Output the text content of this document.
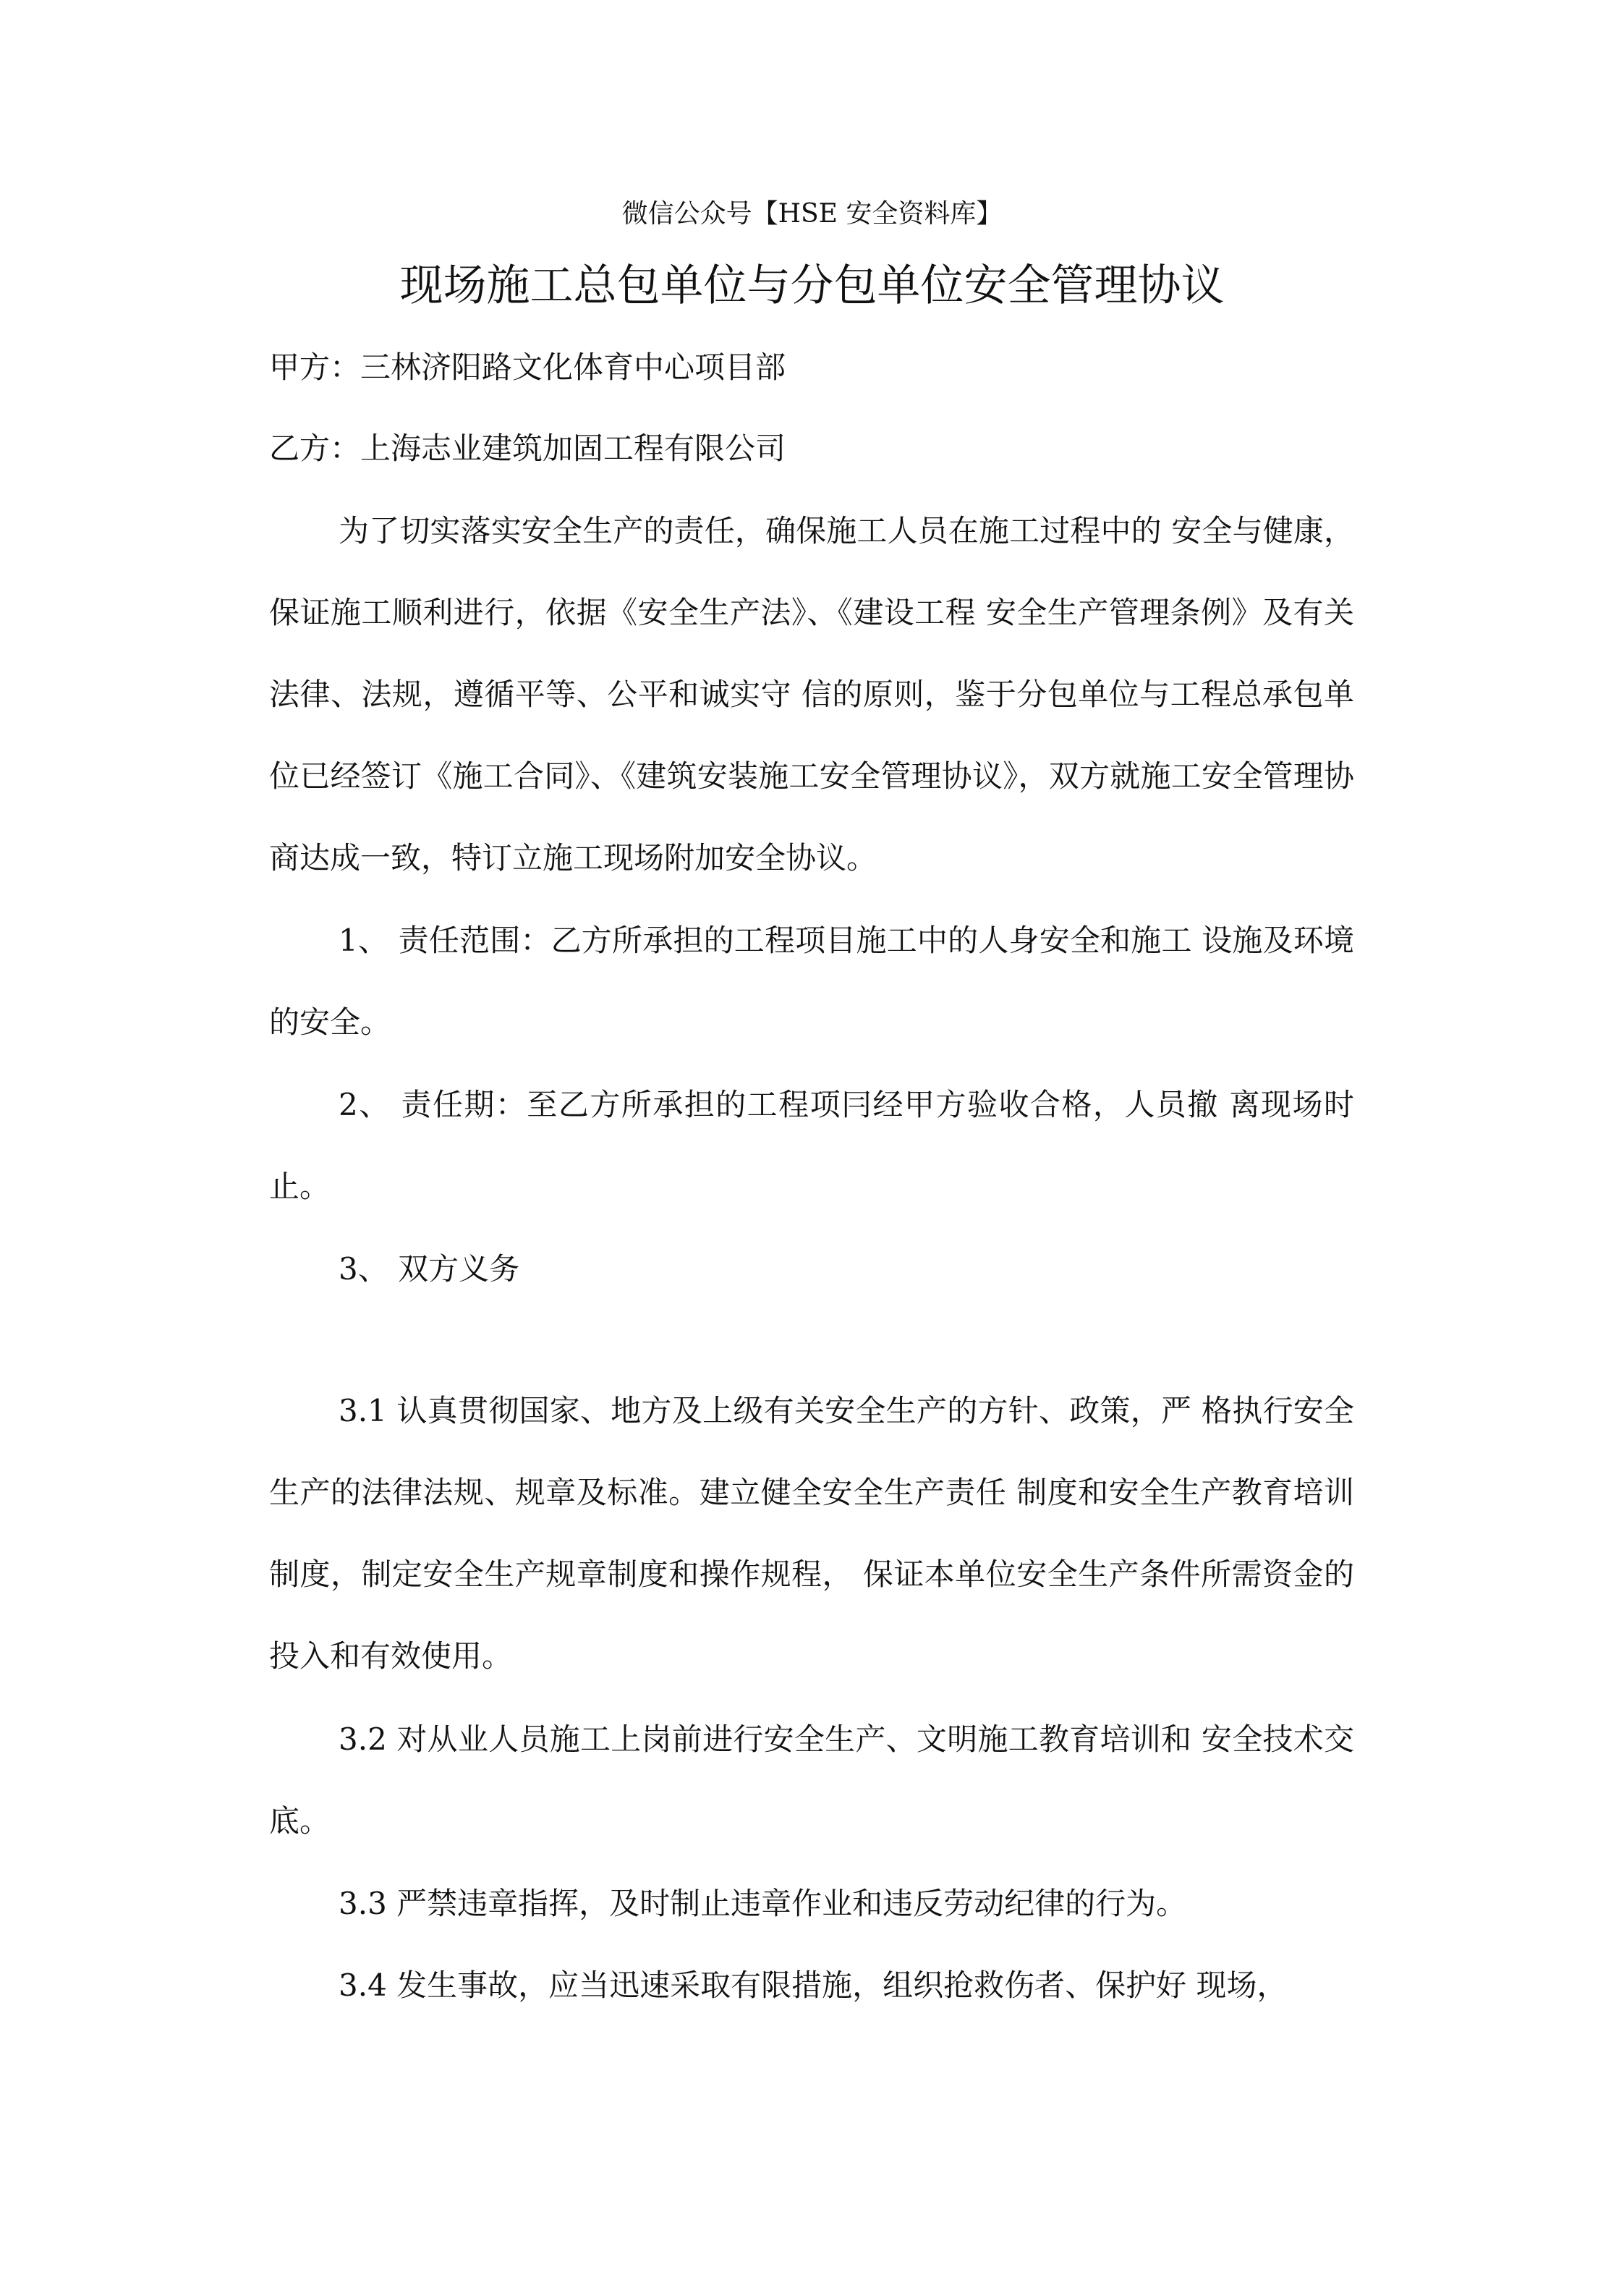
微信公众号【HSE 安全资料库】
现场施工总包单位与分包单位安全管理协议
甲方：三林济阳路文化体育中心项目部
乙方：上海志业建筑加固工程有限公司

为了切实落实安全生产的责任，确保施工人员在施工过程中的 安全与健康，保证施工顺利进行，依据《安全生产法》、《建设工程 安全生产管理条例》及有关法律、法规，遵循平等、公平和诚实守 信的原则，鉴于分包单位与工程总承包单位已经签订《施工合同》、《建筑安装施工安全管理协议》，双方就施工安全管理协商达成一致，特订立施工现场附加安全协议。

1、 责任范围：乙方所承担的工程项目施工中的人身安全和施工 设施及环境的安全。

2、 责任期：至乙方所承担的工程项冃经甲方验收合格，人员撤 离现场时止。

3、 双方义务

3.1 认真贯彻国家、地方及上级有关安全生产的方针、政策，严 格执行安全生产的法律法规、规章及标准。建立健全安全生产责任 制度和安全生产教育培训制度，制定安全生产规章制度和操作规程， 保证本单位安全生产条件所需资金的投入和有效使用。

3.2 对从业人员施工上岗前进行安全生产、文明施工教育培训和 安全技术交底。

3.3 严禁违章指挥，及时制止违章作业和违反劳动纪律的行为。

3.4 发生事故，应当迅速采取有限措施，组织抢救伤者、保护好 现场，
